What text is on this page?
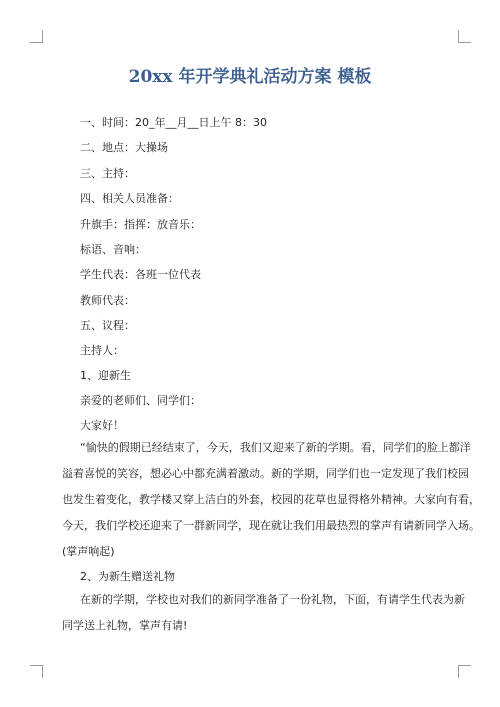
20xx 年开学典礼活动方案 模板

一、时间：20_年__月__日上午 8：30

二、地点：大操场

三、主持：

四、相关人员准备：

升旗手：指挥：放音乐：

标语、音响：

学生代表：各班一位代表

教师代表：

五、议程：

主持人：

1、迎新生

亲爱的老师们、同学们：

大家好！

“愉快的假期已经结束了，今天，我们又迎来了新的学期。看，同学们的脸上都洋
溢着喜悦的笑容，想必心中都充满着激动。新的学期，同学们也一定发现了我们校园
也发生着变化，教学楼又穿上洁白的外套，校园的花草也显得格外精神。大家向有看，
今天，我们学校还迎来了一群新同学，现在就让我们用最热烈的掌声有请新同学入场。
(掌声响起)

2、为新生赠送礼物

在新的学期，学校也对我们的新同学准备了一份礼物，下面，有请学生代表为新
同学送上礼物，掌声有请!
